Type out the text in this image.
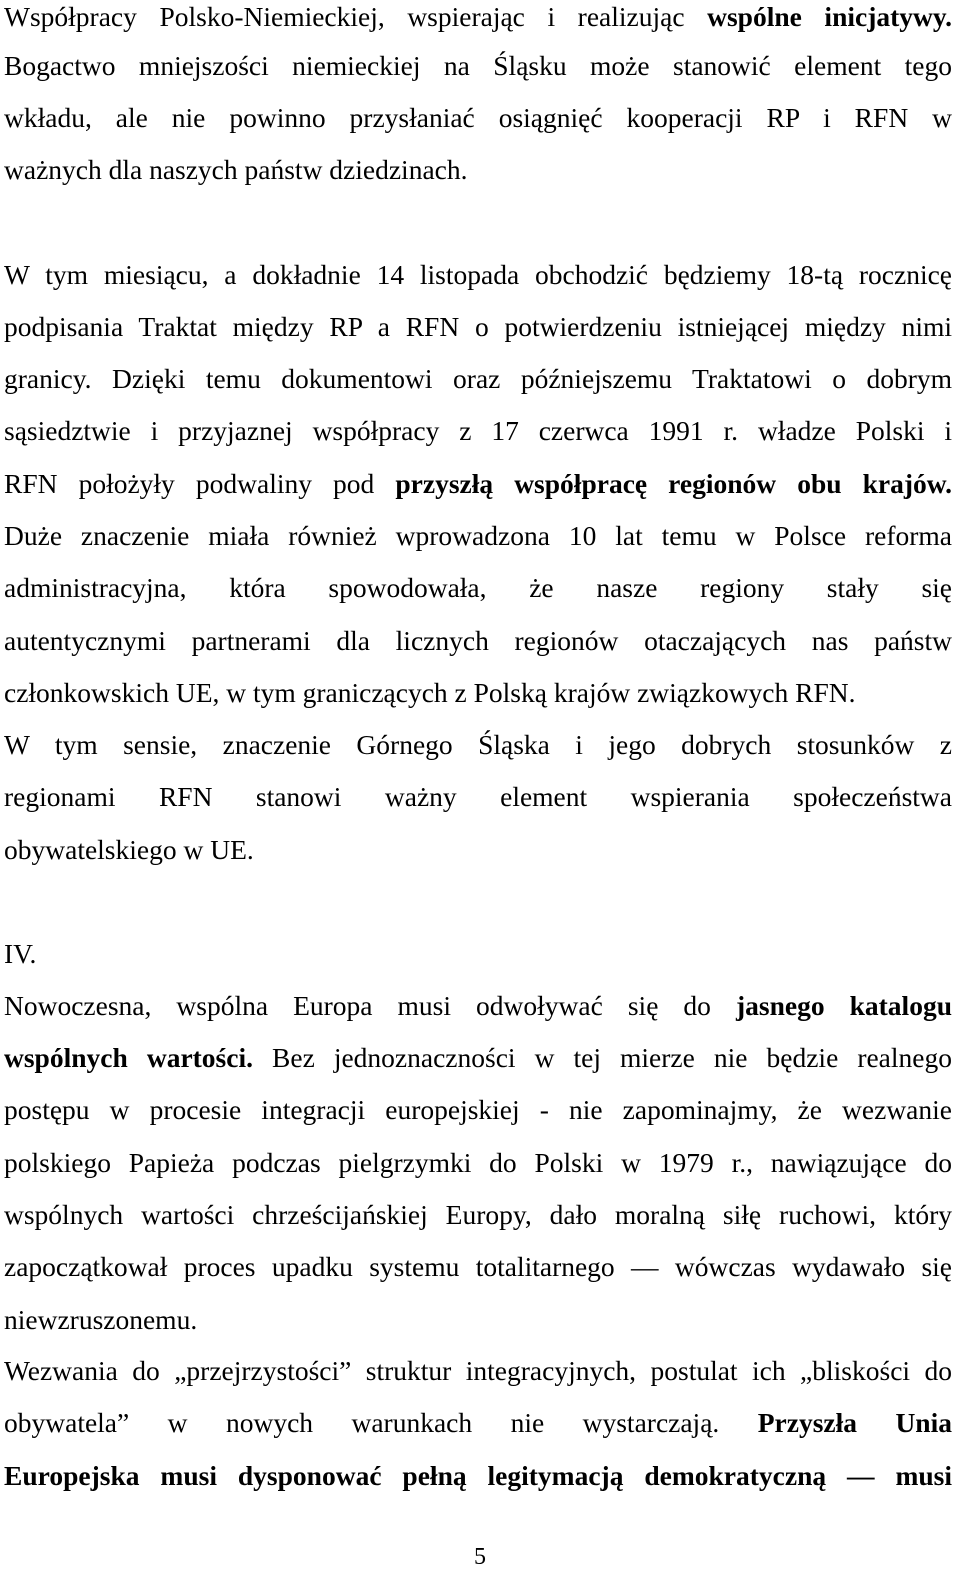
Współpracy Polsko-Niemieckiej, wspierając i realizując wspólne inicjatywy.
Bogactwo mniejszości niemieckiej na Śląsku może stanowić element tego
wkładu, ale nie powinno przysłaniać osiągnięć kooperacji RP i RFN w
ważnych dla naszych państw dziedzinach.
W tym miesiącu, a dokładnie 14 listopada obchodzić będziemy 18-tą rocznicę
podpisania Traktat między RP a RFN o potwierdzeniu istniejącej między nimi
granicy. Dzięki temu dokumentowi oraz późniejszemu Traktatowi o dobrym
sąsiedztwie i przyjaznej współpracy z 17 czerwca 1991 r. władze Polski i
RFN położyły podwaliny pod przyszłą współpracę regionów obu krajów.
Duże znaczenie miała również wprowadzona 10 lat temu w Polsce reforma
administracyjna, która spowodowała, że nasze regiony stały się
autentycznymi partnerami dla licznych regionów otaczających nas państw
członkowskich UE, w tym graniczących z Polską krajów związkowych RFN.
W tym sensie, znaczenie Górnego Śląska i jego dobrych stosunków z
regionami RFN stanowi ważny element wspierania społeczeństwa
obywatelskiego w UE.
IV.
Nowoczesna, wspólna Europa musi odwoływać się do jasnego katalogu
wspólnych wartości. Bez jednoznaczności w tej mierze nie będzie realnego
postępu w procesie integracji europejskiej - nie zapominajmy, że wezwanie
polskiego Papieża podczas pielgrzymki do Polski w 1979 r., nawiązujące do
wspólnych wartości chrześcijańskiej Europy, dało moralną siłę ruchowi, który
zapoczątkował proces upadku systemu totalitarnego — wówczas wydawało się
niewzruszonemu.
Wezwania do „przejrzystości” struktur integracyjnych, postulat ich „bliskości do
obywatela” w nowych warunkach nie wystarczają. Przyszła Unia
Europejska musi dysponować pełną legitymacją demokratyczną — musi
5
